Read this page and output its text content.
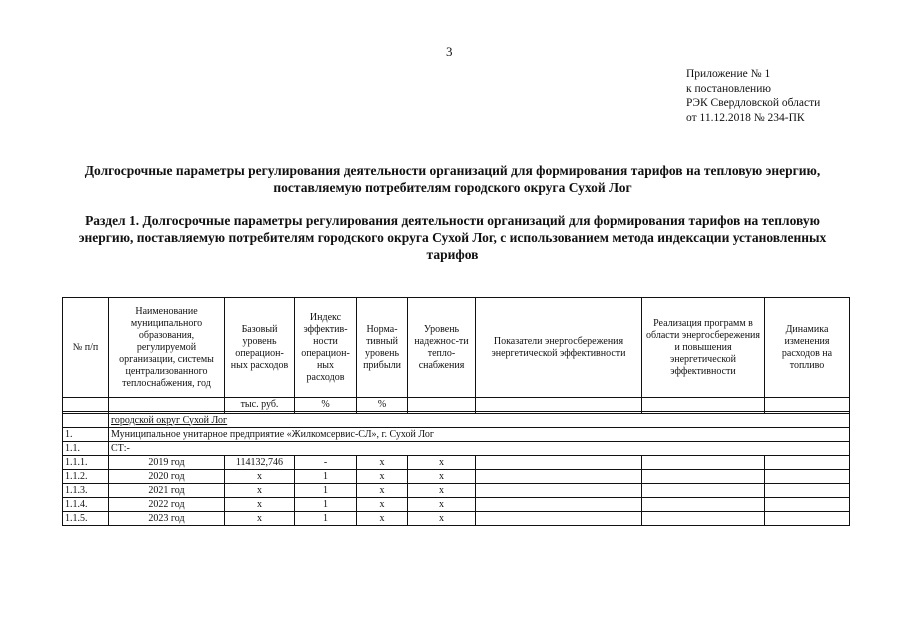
3
Приложение № 1
к постановлению
РЭК Свердловской области
от 11.12.2018 № 234-ПК
Долгосрочные параметры регулирования деятельности организаций для формирования тарифов на тепловую энергию, поставляемую потребителям городского округа Сухой Лог
Раздел 1. Долгосрочные параметры регулирования деятельности организаций для формирования тарифов на тепловую энергию, поставляемую потребителям городского округа Сухой Лог, с использованием метода индексации установленных тарифов
№ п/п	Наименование муниципального образования, регулируемой организации, системы централизованного теплоснабжения, год	Базовый уровень операцион-ных расходов	Индекс эффектив-ности операцион-ных расходов	Норма-тивный уровень прибыли	Уровень надежнос-ти тепло-снабжения	Показатели энергосбережения энергетической эффективности	Реализация программ в области энергосбережения и повышения энергетической эффективности	Динамика изменения расходов на топливо
		тыс. руб.	%	%				

	городской округ Сухой Лог							
1.	Муниципальное унитарное предприятие «Жилкомсервис-СЛ», г. Сухой Лог							
1.1.	СТ:-							
1.1.1.	2019 год	114132,746	-	x	x			
1.1.2.	2020 год	x	1	x	x			
1.1.3.	2021 год	x	1	x	x			
1.1.4.	2022 год	x	1	x	x			
1.1.5.	2023 год	x	1	x	x			
